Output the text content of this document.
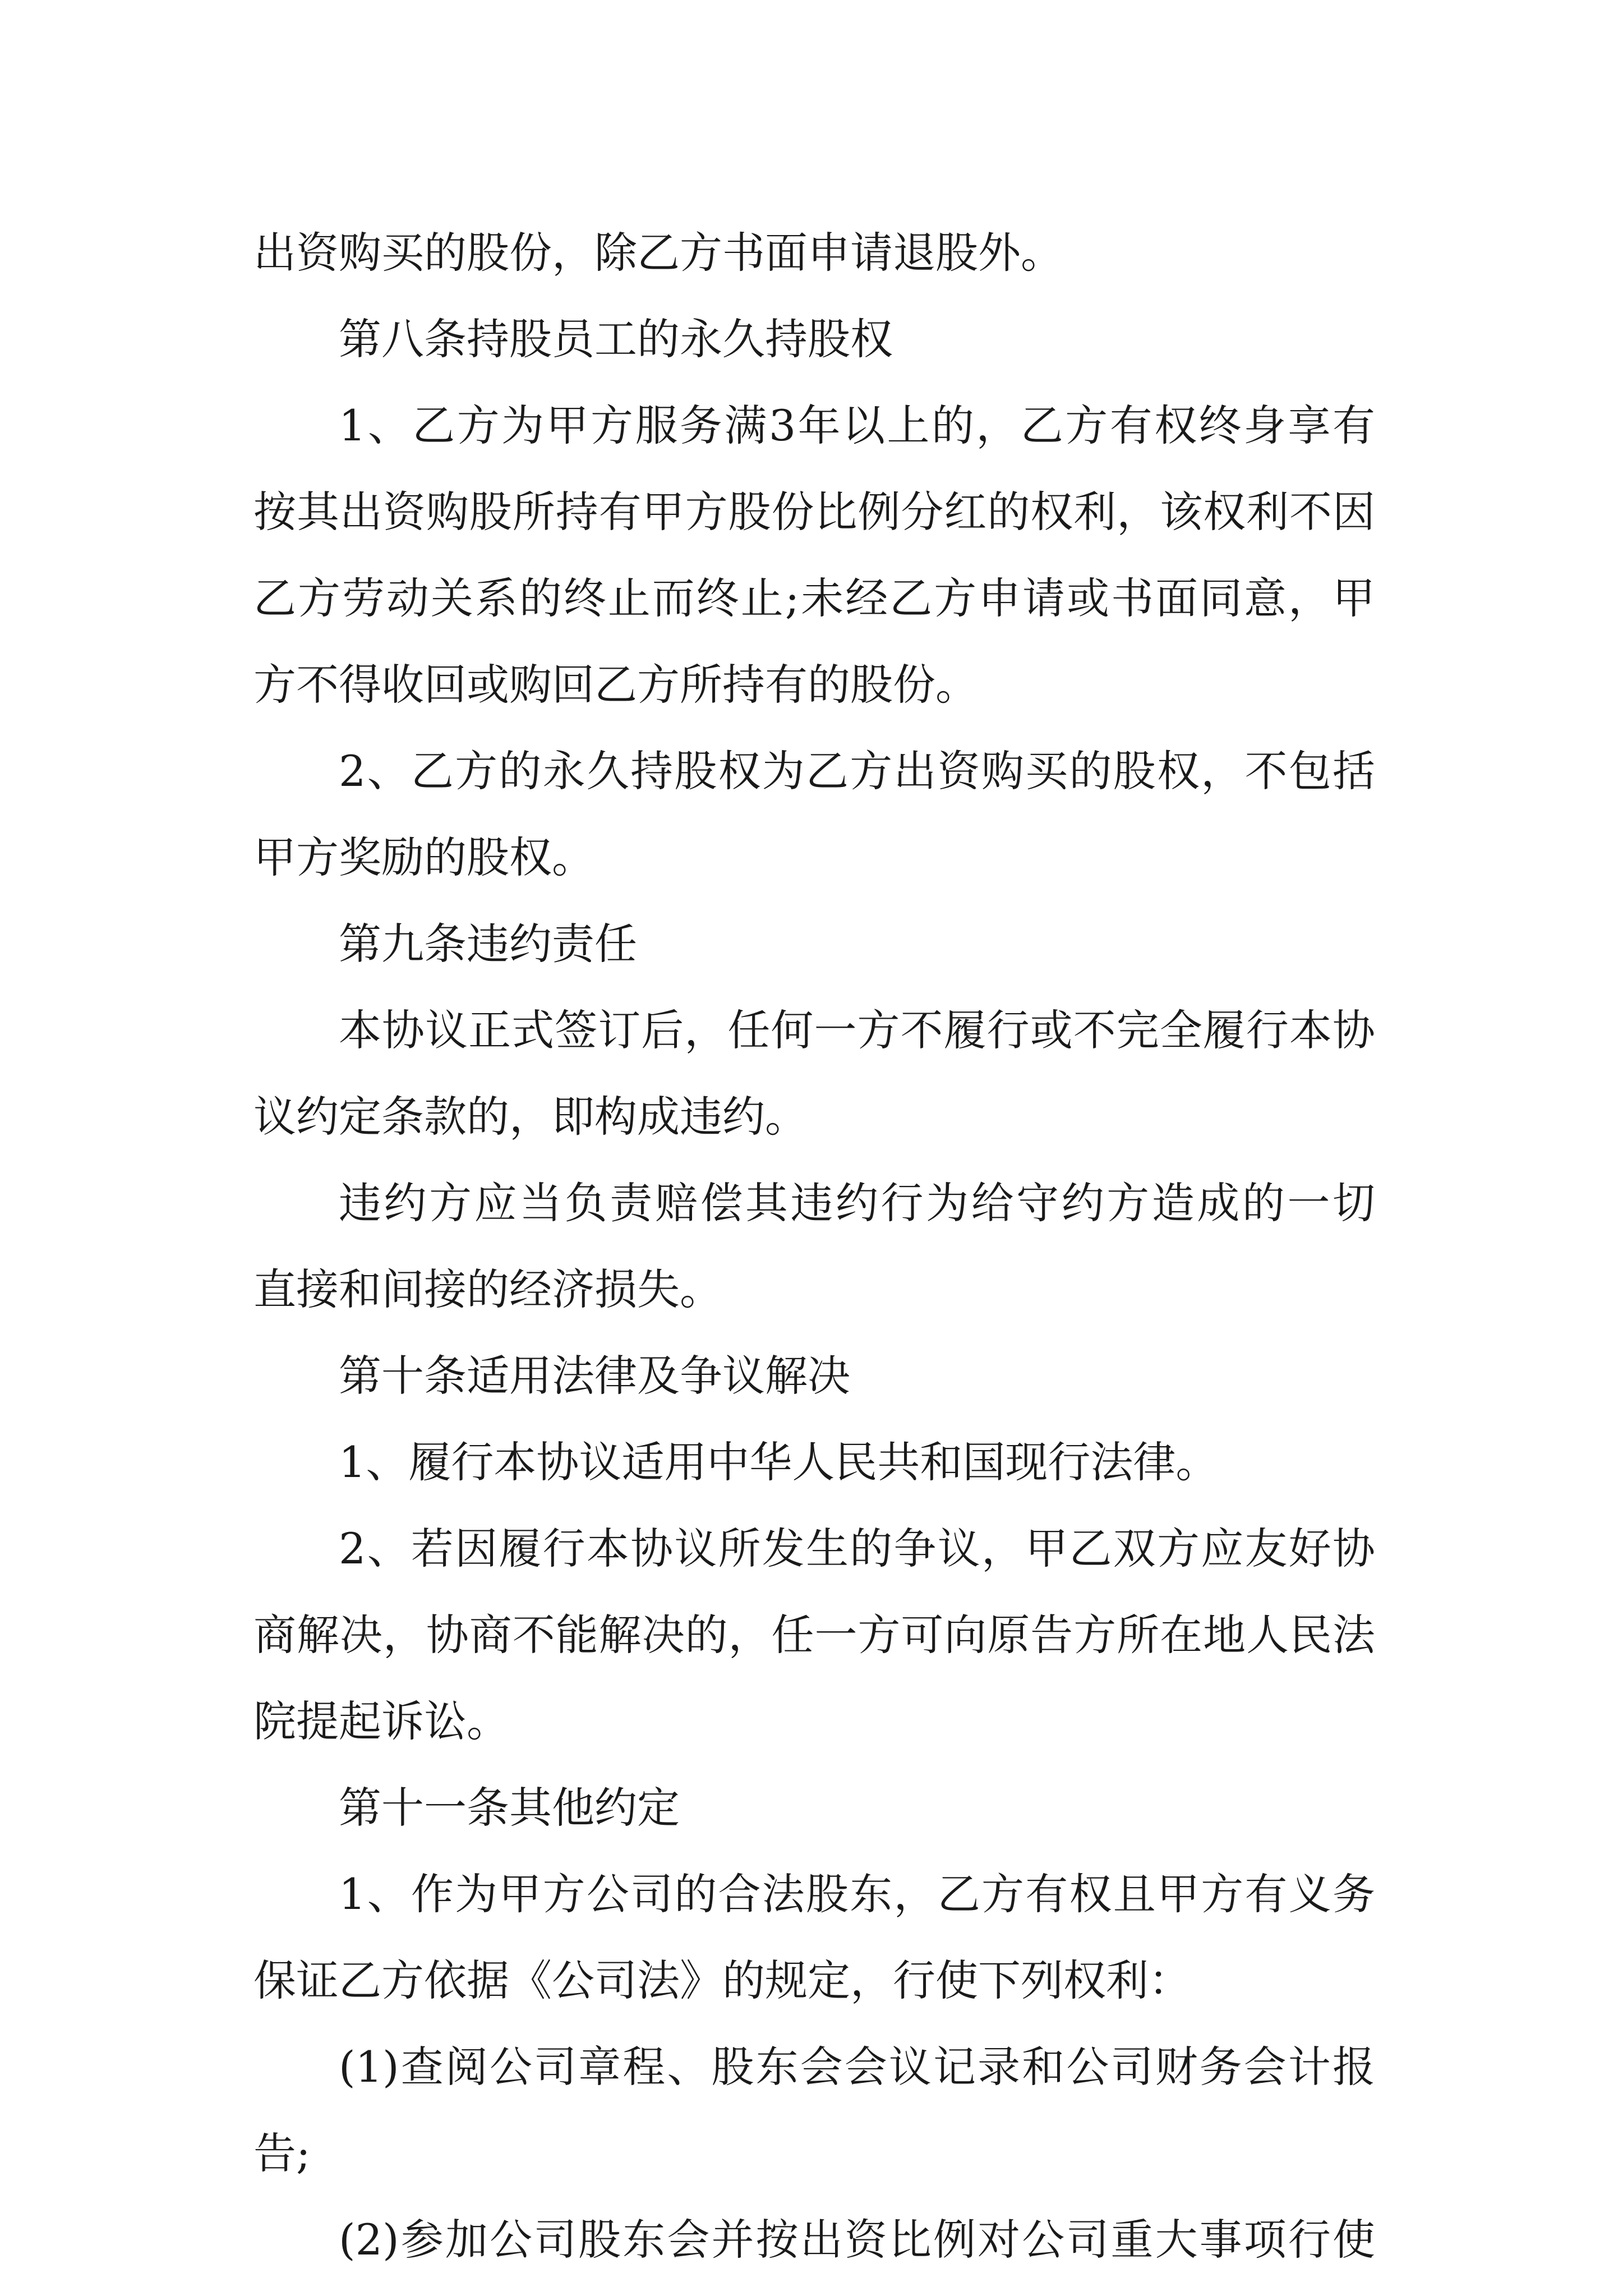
出资购买的股份，除乙方书面申请退股外。
第八条持股员工的永久持股权
1、乙方为甲方服务满3年以上的，乙方有权终身享有
按其出资购股所持有甲方股份比例分红的权利，该权利不因
乙方劳动关系的终止而终止;未经乙方申请或书面同意，甲
方不得收回或购回乙方所持有的股份。
2、乙方的永久持股权为乙方出资购买的股权，不包括
甲方奖励的股权。
第九条违约责任
本协议正式签订后，任何一方不履行或不完全履行本协
议约定条款的，即构成违约。
违约方应当负责赔偿其违约行为给守约方造成的一切
直接和间接的经济损失。
第十条适用法律及争议解决
1、履行本协议适用中华人民共和国现行法律。
2、若因履行本协议所发生的争议，甲乙双方应友好协
商解决，协商不能解决的，任一方可向原告方所在地人民法
院提起诉讼。
第十一条其他约定
1、作为甲方公司的合法股东，乙方有权且甲方有义务
保证乙方依据《公司法》的规定，行使下列权利：
(1)查阅公司章程、股东会会议记录和公司财务会计报
告;
(2)参加公司股东会并按出资比例对公司重大事项行使
